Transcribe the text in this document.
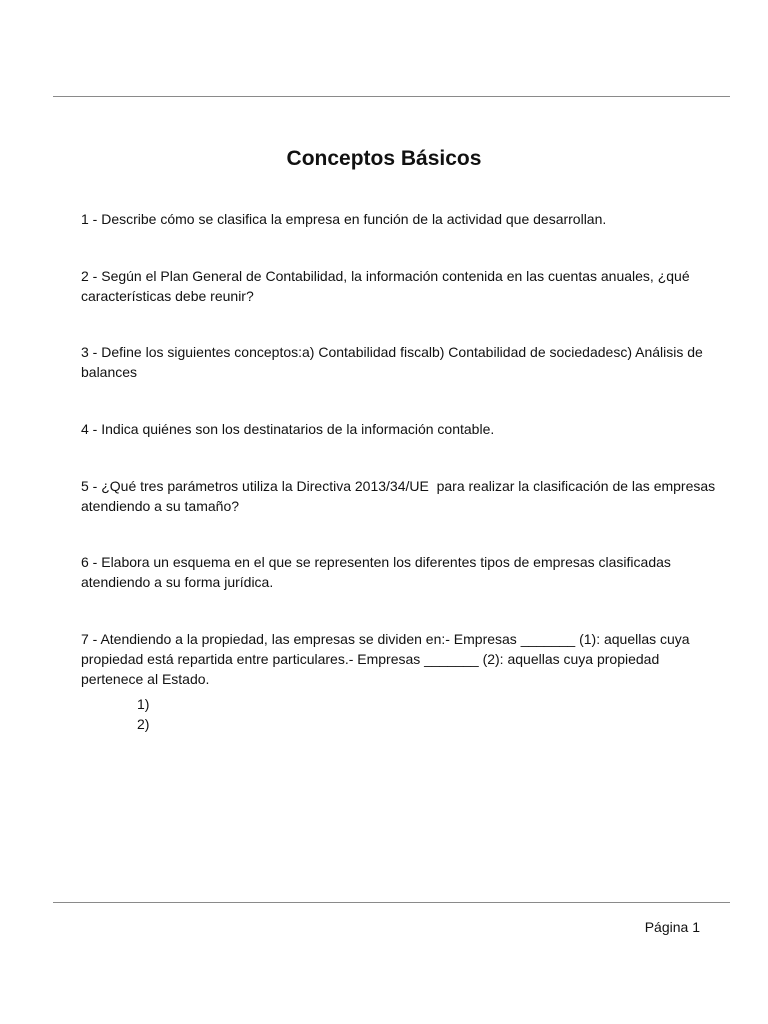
Conceptos Básicos

1 - Describe cómo se clasifica la empresa en función de la actividad que desarrollan.

2 - Según el Plan General de Contabilidad, la información contenida en las cuentas anuales, ¿qué características debe reunir?

3 - Define los siguientes conceptos:a) Contabilidad fiscalb) Contabilidad de sociedadesc) Análisis de balances

4 - Indica quiénes son los destinatarios de la información contable.

5 - ¿Qué tres parámetros utiliza la Directiva 2013/34/UE  para realizar la clasificación de las empresas atendiendo a su tamaño?

6 - Elabora un esquema en el que se representen los diferentes tipos de empresas clasificadas atendiendo a su forma jurídica.

7 - Atendiendo a la propiedad, las empresas se dividen en:- Empresas _______ (1): aquellas cuya propiedad está repartida entre particulares.- Empresas _______ (2): aquellas cuya propiedad pertenece al Estado.

1)
2)
Página 1
